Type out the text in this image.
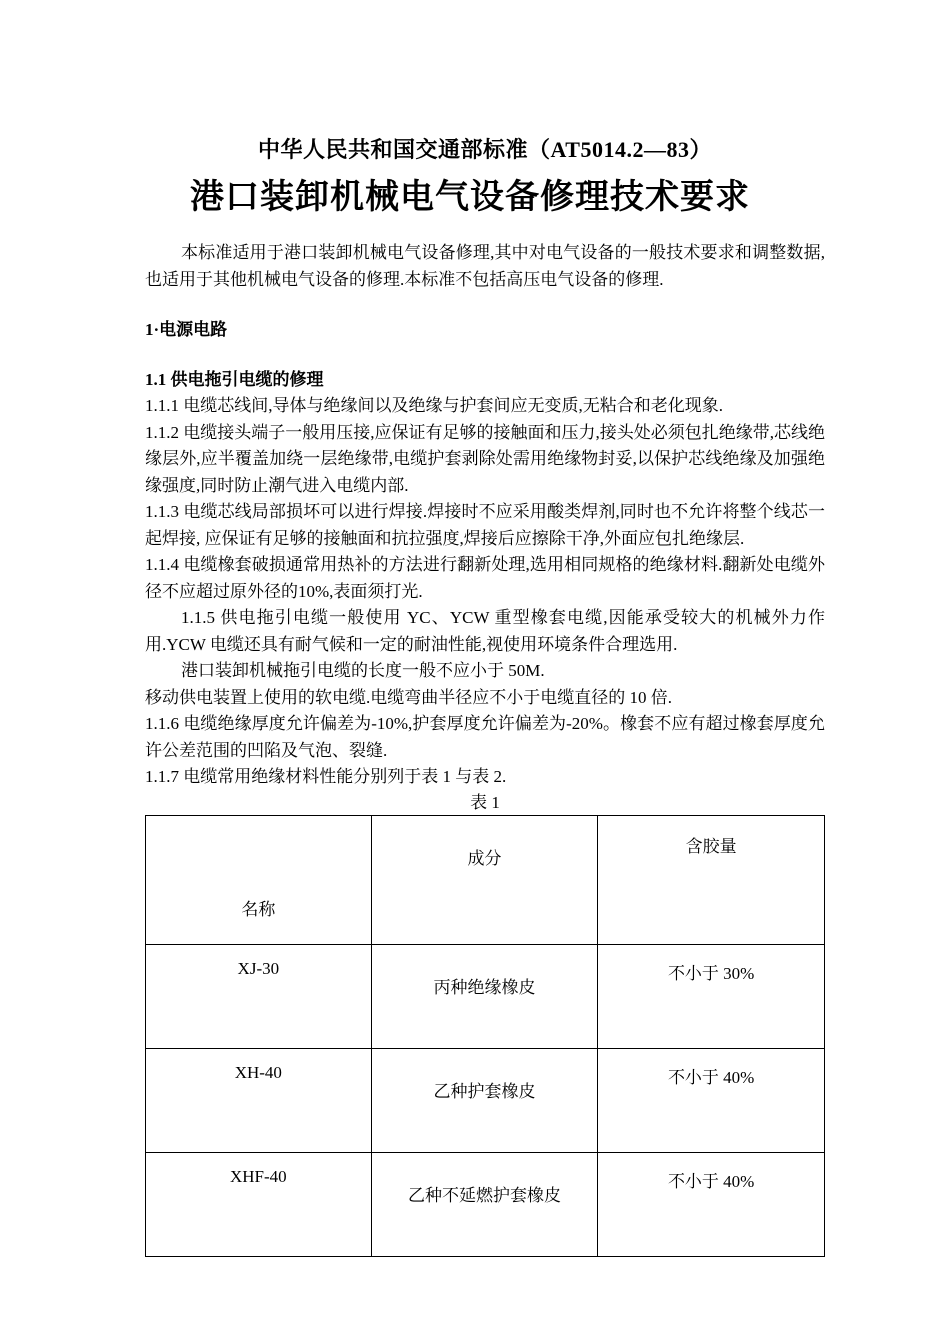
中华人民共和国交通部标准（AT5014.2—83）
港口装卸机械电气设备修理技术要求

本标准适用于港口装卸机械电气设备修理,其中对电气设备的一般技术要求和调整数据,也适用于其他机械电气设备的修理.本标准不包括高压电气设备的修理.

1·电源电路

1.1 供电拖引电缆的修理

1.1.1 电缆芯线间,导体与绝缘间以及绝缘与护套间应无变质,无粘合和老化现象.

1.1.2 电缆接头端子一般用压接,应保证有足够的接触面和压力,接头处必须包扎绝缘带,芯线绝缘层外,应半覆盖加绕一层绝缘带,电缆护套剥除处需用绝缘物封妥,以保护芯线绝缘及加强绝缘强度,同时防止潮气进入电缆内部.

1.1.3 电缆芯线局部损坏可以进行焊接.焊接时不应采用酸类焊剂,同时也不允许将整个线芯一起焊接, 应保证有足够的接触面和抗拉强度,焊接后应擦除干净,外面应包扎绝缘层.

1.1.4 电缆橡套破损通常用热补的方法进行翻新处理,选用相同规格的绝缘材料.翻新处电缆外径不应超过原外径的10%,表面须打光.

1.1.5 供电拖引电缆一般使用 YC、YCW 重型橡套电缆,因能承受较大的机械外力作用.YCW 电缆还具有耐气候和一定的耐油性能,视使用环境条件合理选用.

港口装卸机械拖引电缆的长度一般不应小于 50M.

移动供电装置上使用的软电缆.电缆弯曲半径应不小于电缆直径的 10 倍.

1.1.6 电缆绝缘厚度允许偏差为-10%,护套厚度允许偏差为-20%。橡套不应有超过橡套厚度允许公差范围的凹陷及气泡、裂缝.

1.1.7 电缆常用绝缘材料性能分别列于表 1 与表 2.

表 1

名称	成分	含胶量
XJ-30	丙种绝缘橡皮	不小于 30%
XH-40	乙种护套橡皮	不小于 40%
XHF-40	乙种不延燃护套橡皮	不小于 40%
